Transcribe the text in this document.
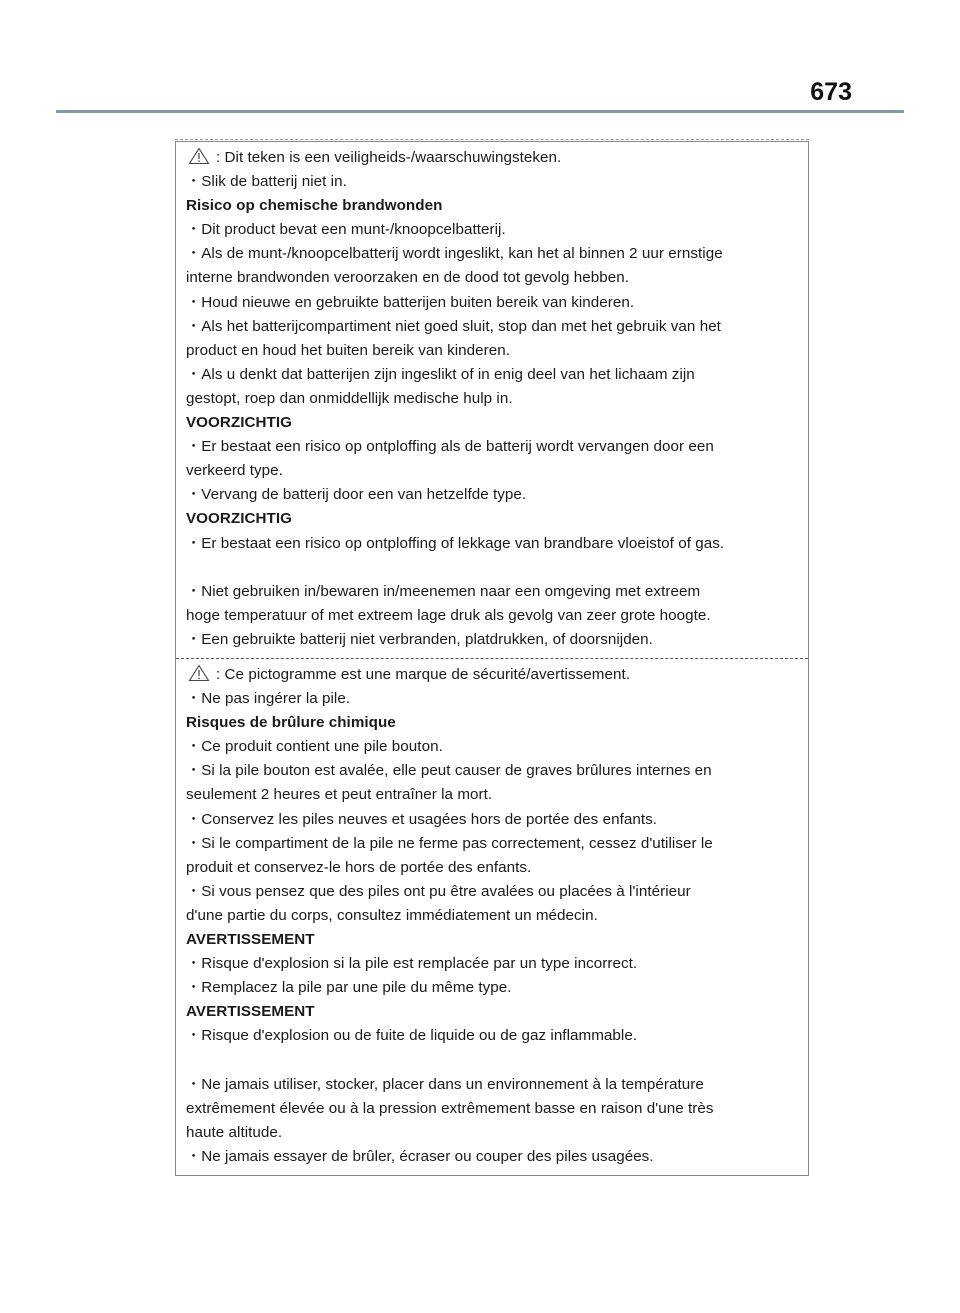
673
: Dit teken is een veiligheids-/waarschuwingsteken.
・Slik de batterij niet in.
Risico op chemische brandwonden
・Dit product bevat een munt-/knoopcelbatterij.
・Als de munt-/knoopcelbatterij wordt ingeslikt, kan het al binnen 2 uur ernstige
interne brandwonden veroorzaken en de dood tot gevolg hebben.
・Houd nieuwe en gebruikte batterijen buiten bereik van kinderen.
・Als het batterijcompartiment niet goed sluit, stop dan met het gebruik van het
product en houd het buiten bereik van kinderen.
・Als u denkt dat batterijen zijn ingeslikt of in enig deel van het lichaam zijn
gestopt, roep dan onmiddellijk medische hulp in.
VOORZICHTIG
・Er bestaat een risico op ontploffing als de batterij wordt vervangen door een
verkeerd type.
・Vervang de batterij door een van hetzelfde type.
VOORZICHTIG
・Er bestaat een risico op ontploffing of lekkage van brandbare vloeistof of gas.
・Niet gebruiken in/bewaren in/meenemen naar een omgeving met extreem
hoge temperatuur of met extreem lage druk als gevolg van zeer grote hoogte.
・Een gebruikte batterij niet verbranden, platdrukken, of doorsnijden.
: Ce pictogramme est une marque de sécurité/avertissement.
・Ne pas ingérer la pile.
Risques de brûlure chimique
・Ce produit contient une pile bouton.
・Si la pile bouton est avalée, elle peut causer de graves brûlures internes en
seulement 2 heures et peut entraîner la mort.
・Conservez les piles neuves et usagées hors de portée des enfants.
・Si le compartiment de la pile ne ferme pas correctement, cessez d'utiliser le
produit et conservez-le hors de portée des enfants.
・Si vous pensez que des piles ont pu être avalées ou placées à l'intérieur
d'une partie du corps, consultez immédiatement un médecin.
AVERTISSEMENT
・Risque d'explosion si la pile est remplacée par un type incorrect.
・Remplacez la pile par une pile du même type.
AVERTISSEMENT
・Risque d'explosion ou de fuite de liquide ou de gaz inflammable.
・Ne jamais utiliser, stocker, placer dans un environnement à la température
extrêmement élevée ou à la pression extrêmement basse en raison d'une très
haute altitude.
・Ne jamais essayer de brûler, écraser ou couper des piles usagées.
